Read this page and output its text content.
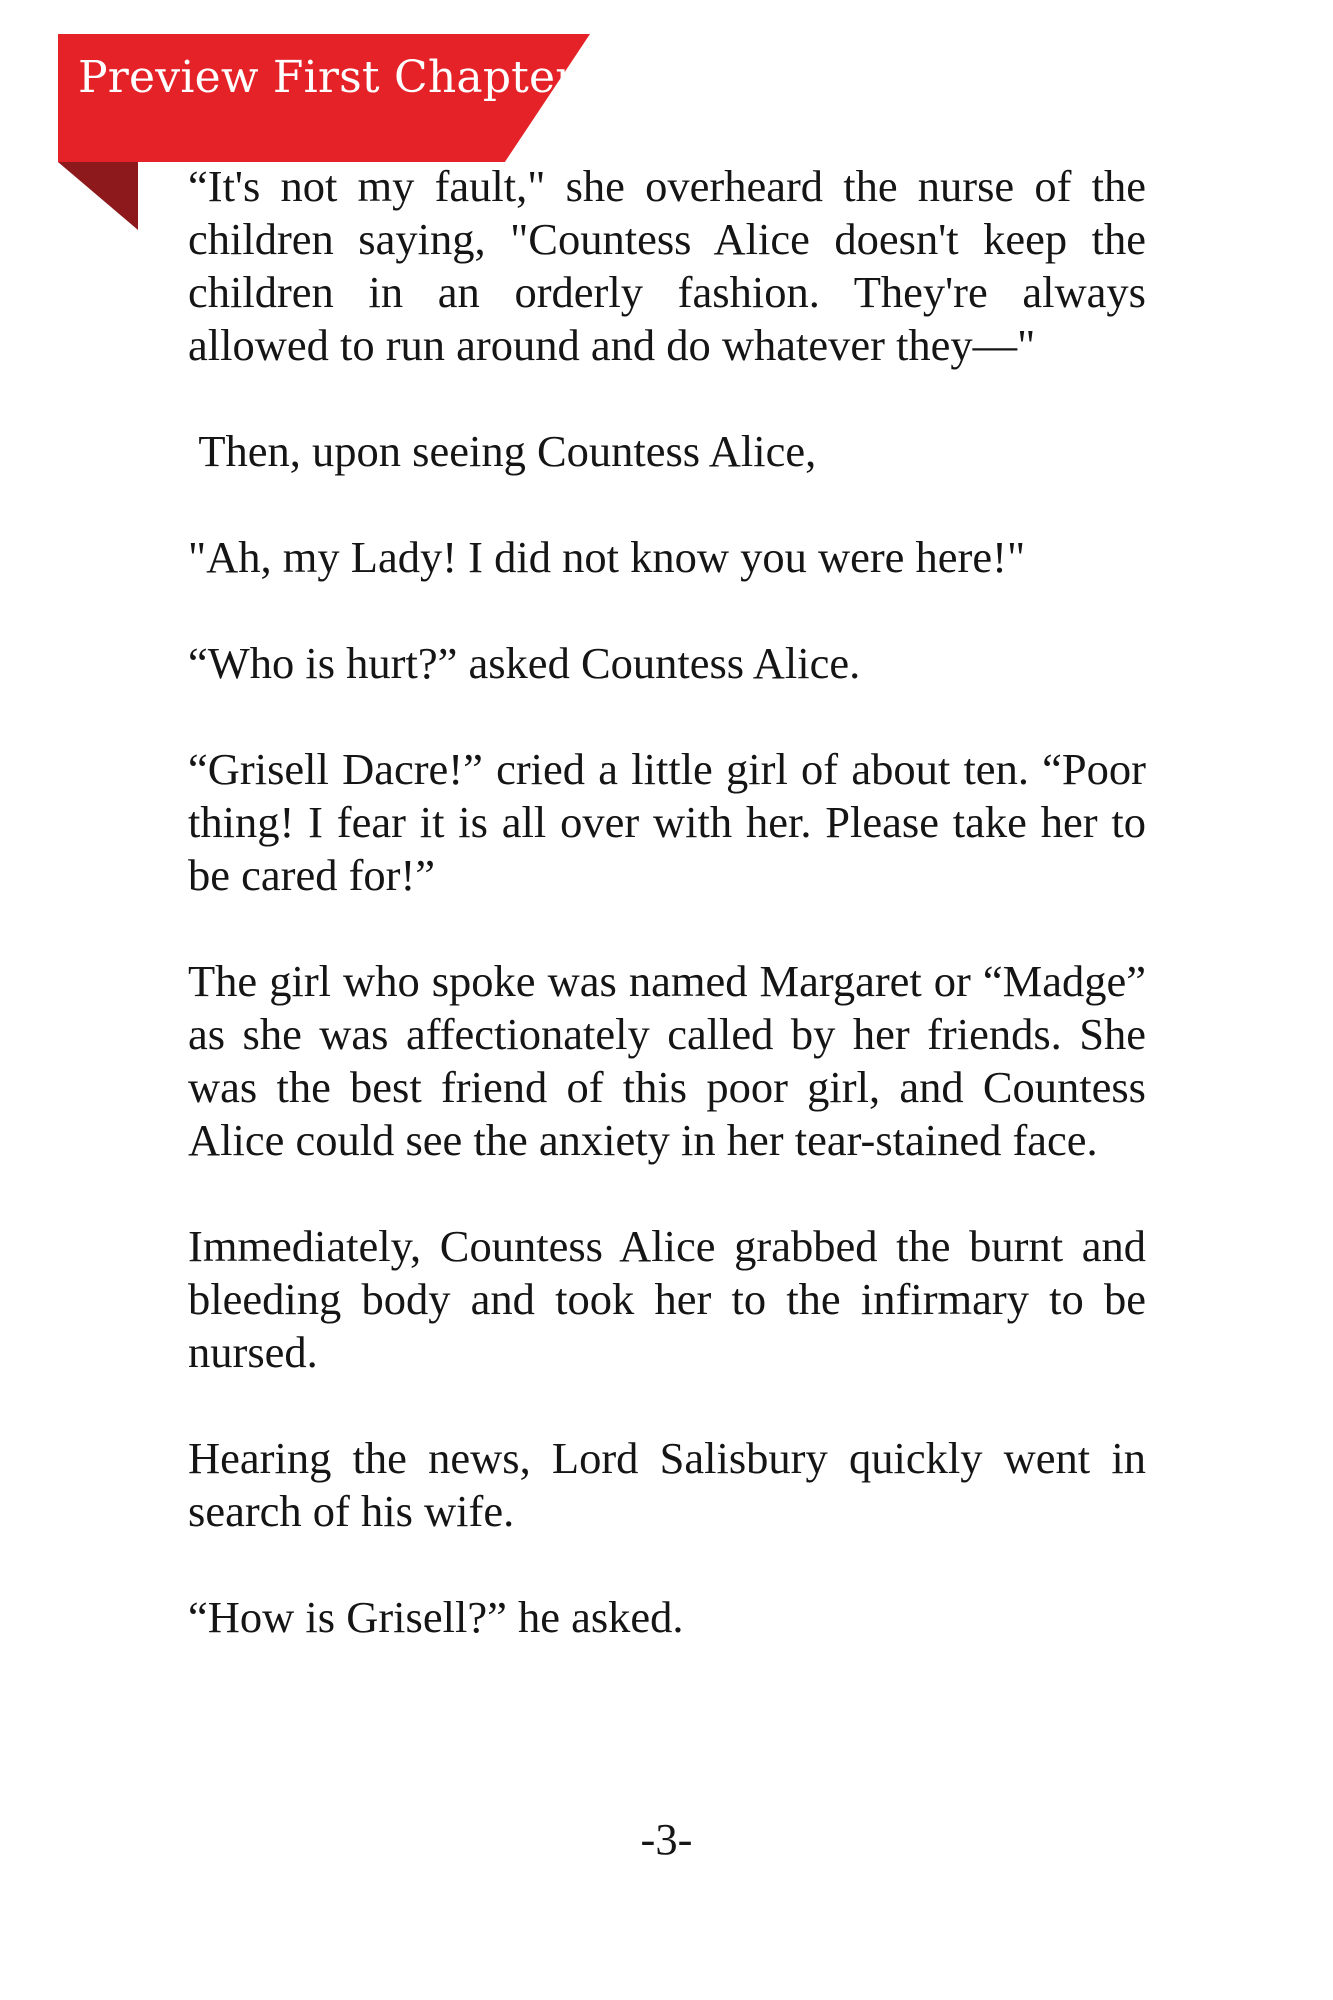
Preview First Chapter

“It's not my fault," she overheard the nurse of the children saying, "Countess Alice doesn't keep the children in an orderly fashion. They're always allowed to run around and do whatever they—"

Then, upon seeing Countess Alice,

"Ah, my Lady! I did not know you were here!"

“Who is hurt?” asked Countess Alice.

“Grisell Dacre!” cried a little girl of about ten. “Poor thing! I fear it is all over with her. Please take her to be cared for!”

The girl who spoke was named Margaret or “Madge” as she was affectionately called by her friends. She was the best friend of this poor girl, and Countess Alice could see the anxiety in her tear-stained face.

Immediately, Countess Alice grabbed the burnt and bleeding body and took her to the infirmary to be nursed.

Hearing the news, Lord Salisbury quickly went in search of his wife.

“How is Grisell?” he asked.

-3-
